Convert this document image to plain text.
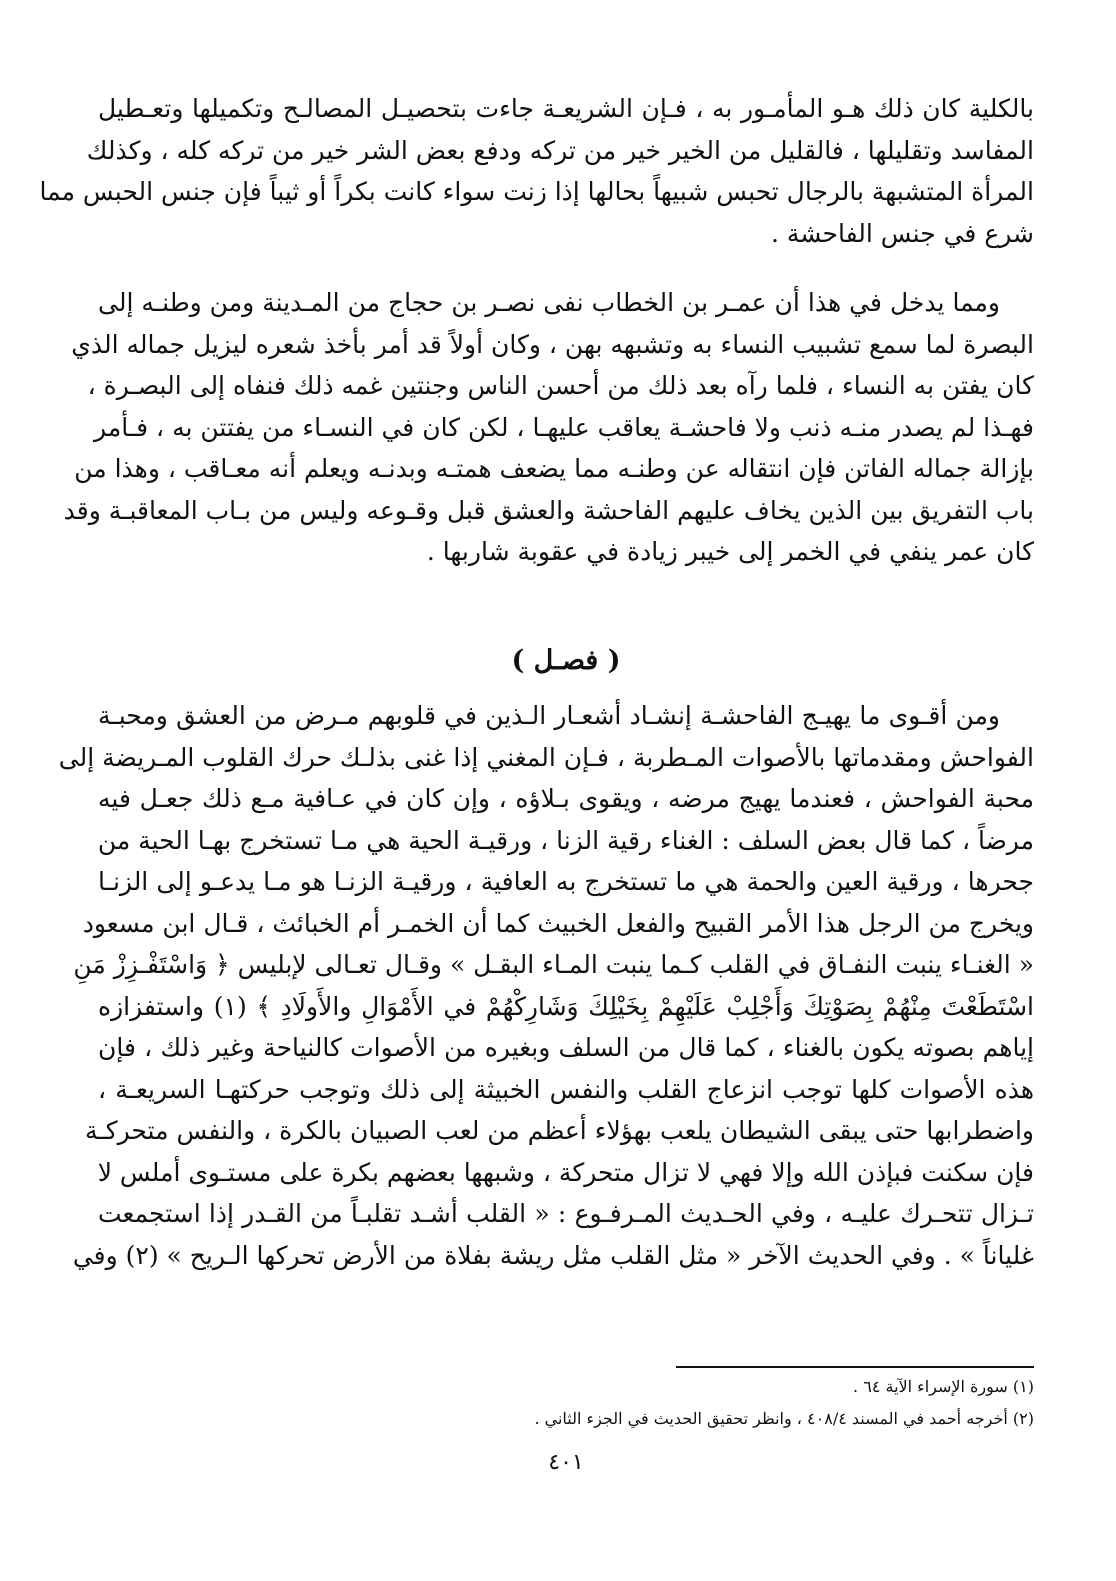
بالكلية كان ذلك هـو المأمـور به ، فـإن الشريعـة جاءت بتحصيـل المصالـح وتكميلها وتعـطيل
المفاسد وتقليلها ، فالقليل من الخير خير من تركه ودفع بعض الشر خير من تركه كله ، وكذلك
المرأة المتشبهة بالرجال تحبس شبيهاً بحالها إذا زنت سواء كانت بكراً أو ثيباً فإن جنس الحبس مما
شرع في جنس الفاحشة .
ومما يدخل في هذا أن عمـر بن الخطاب نفى نصـر بن حجاج من المـدينة ومن وطنـه إلى
البصرة لما سمع تشبيب النساء به وتشبهه بهن ، وكان أولاً قد أمر بأخذ شعره ليزيل جماله الذي
كان يفتن به النساء ، فلما رآه بعد ذلك من أحسن الناس وجنتين غمه ذلك فنفاه إلى البصـرة ،
فهـذا لم يصدر منـه ذنب ولا فاحشـة يعاقب عليهـا ، لكن كان في النسـاء من يفتتن به ، فـأمر
بإزالة جماله الفاتن فإن انتقاله عن وطنـه مما يضعف همتـه وبدنـه ويعلم أنه معـاقب ، وهذا من
باب التفريق بين الذين يخاف عليهم الفاحشة والعشق قبل وقـوعه وليس من بـاب المعاقبـة وقد
كان عمر ينفي في الخمر إلى خيبر زيادة في عقوبة شاربها .
( فصـل )
ومن أقـوى ما يهيـج الفاحشـة إنشـاد أشعـار الـذين في قلوبهم مـرض من العشق ومحبـة
الفواحش ومقدماتها بالأصوات المـطربة ، فـإن المغني إذا غنى بذلـك حرك القلوب المـريضة إلى
محبة الفواحش ، فعندما يهيج مرضه ، ويقوى بـلاؤه ، وإن كان في عـافية مـع ذلك جعـل فيه
مرضاً ، كما قال بعض السلف : الغناء رقية الزنا ، ورقيـة الحية هي مـا تستخرج بهـا الحية من
جحرها ، ورقية العين والحمة هي ما تستخرج به العافية ، ورقيـة الزنـا هو مـا يدعـو إلى الزنـا
ويخرج من الرجل هذا الأمر القبيح والفعل الخبيث كما أن الخمـر أم الخبائث ، قـال ابن مسعود
« الغنـاء ينبت النفـاق في القلب كـما ينبت المـاء البقـل » وقـال تعـالى لإبليس ﴿ وَاسْتَفْـزِزْ مَنِ
اسْتَطَعْتَ مِنْهُمْ بِصَوْتِكَ وَأَجْلِبْ عَلَيْهِمْ بِخَيْلِكَ وَشَارِكْهُمْ في الأَمْوَالِ والأَولَادِ ﴾ (١) واستفزازه
إياهم بصوته يكون بالغناء ، كما قال من السلف وبغيره من الأصوات كالنياحة وغير ذلك ، فإن
هذه الأصوات كلها توجب انزعاج القلب والنفس الخبيثة إلى ذلك وتوجب حركتهـا السريعـة ،
واضطرابها حتى يبقى الشيطان يلعب بهؤلاء أعظم من لعب الصبيان بالكرة ، والنفس متحركـة
فإن سكنت فبإذن الله وإلا فهي لا تزال متحركة ، وشبهها بعضهم بكرة على مستـوى أملس لا
تـزال تتحـرك عليـه ، وفي الحـديث المـرفـوع : « القلب أشـد تقلبـاً من القـدر إذا استجمعت
غلياناً » . وفي الحديث الآخر « مثل القلب مثل ريشة بفلاة من الأرض تحركها الـريح » (٢) وفي
(١) سورة الإسراء الآية ٦٤ .
(٢) أخرجه أحمد في المسند ٤٠٨/٤ ، وانظر تحقيق الحديث في الجزء الثاني .
٤٠١
